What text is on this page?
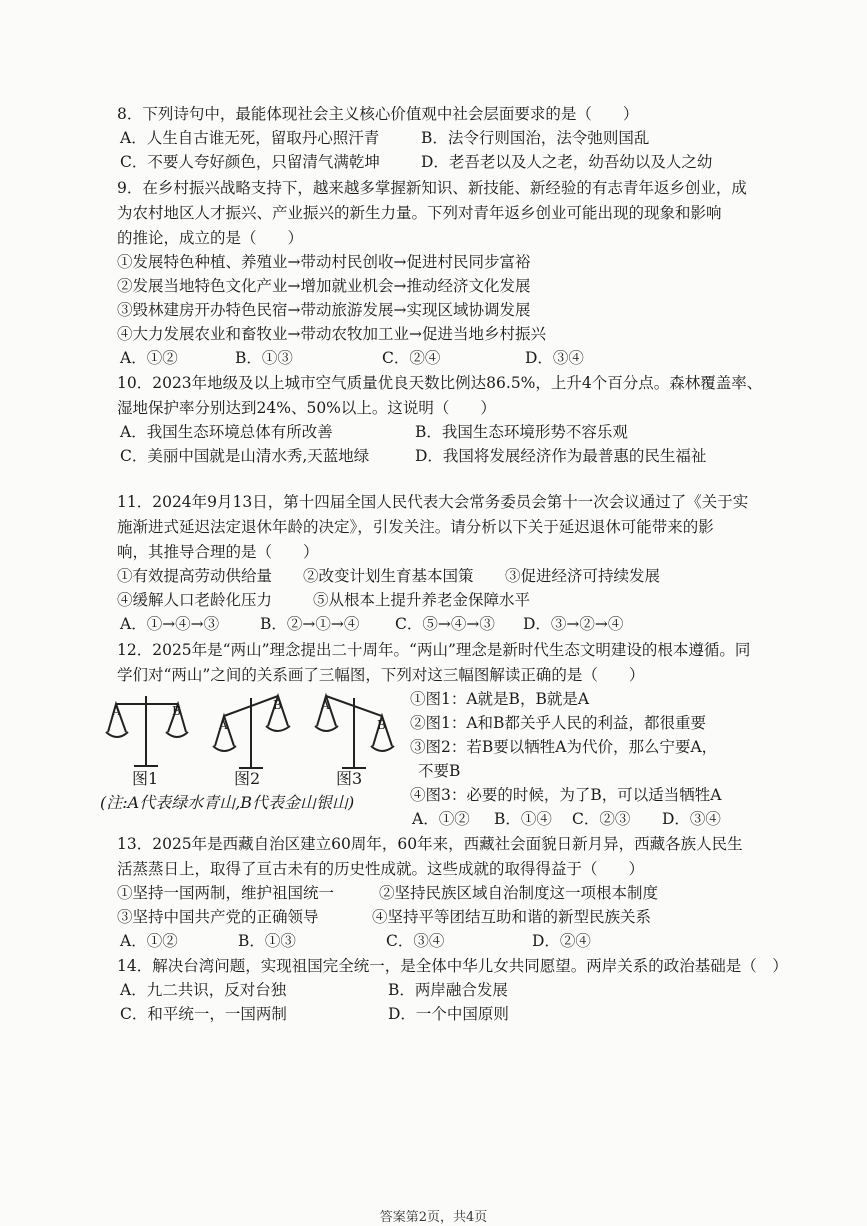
8．下列诗句中，最能体现社会主义核心价值观中社会层面要求的是（　　）
A．人生自古谁无死，留取丹心照汗青	B．法令行则国治，法令弛则国乱
C．不要人夸好颜色，只留清气满乾坤	D．老吾老以及人之老，幼吾幼以及人之幼
9．在乡村振兴战略支持下，越来越多掌握新知识、新技能、新经验的有志青年返乡创业，成
为农村地区人才振兴、产业振兴的新生力量。下列对青年返乡创业可能出现的现象和影响
的推论，成立的是（　　）
①发展特色种植、养殖业→带动村民创收→促进村民同步富裕
②发展当地特色文化产业→增加就业机会→推动经济文化发展
③毁林建房开办特色民宿→带动旅游发展→实现区域协调发展
④大力发展农业和畜牧业→带动农牧加工业→促进当地乡村振兴
A．①②	B．①③	C．②④	D．③④
10．2023年地级及以上城市空气质量优良天数比例达86.5%，上升4个百分点。森林覆盖率、
湿地保护率分别达到24%、50%以上。这说明（　　）
A．我国生态环境总体有所改善	B．我国生态环境形势不容乐观
C．美丽中国就是山清水秀,天蓝地绿	D．我国将发展经济作为最普惠的民生福祉
11．2024年9月13日，第十四届全国人民代表大会常务委员会第十一次会议通过了《关于实
施渐进式延迟法定退休年龄的决定》，引发关注。请分析以下关于延迟退休可能带来的影
响，其推导合理的是（　　）
①有效提高劳动供给量 ②改变计划生育基本国策 ③促进经济可持续发展
④缓解人口老龄化压力	⑤从根本上提升养老金保障水平
A．①→④→③	B．②→①→④ C．⑤→④→③ D．③→②→④
12．2025年是“两山”理念提出二十周年。“两山”理念是新时代生态文明建设的根本遵循。同
学们对“两山”之间的关系画了三幅图，下列对这三幅图解读正确的是（　　）
A	B
A
B	A
B
图1	图2	图3
(注:A代表绿水青山,B代表金山银山)
①图1：A就是B，B就是A
②图1：A和B都关乎人民的利益，都很重要
③图2：若B要以牺牲A为代价，那么宁要A，
不要B
④图3：必要的时候，为了B，可以适当牺牲A
A．①② B．①④ C．②③ D．③④
13．2025年是西藏自治区建立60周年，60年来，西藏社会面貌日新月异，西藏各族人民生
活蒸蒸日上，取得了亘古未有的历史性成就。这些成就的取得得益于（　　）
①坚持一国两制，维护祖国统一	②坚持民族区域自治制度这一项根本制度
③坚持中国共产党的正确领导	④坚持平等团结互助和谐的新型民族关系
A．①②	B．①③	C．③④	D．②④
14．解决台湾问题，实现祖国完全统一，是全体中华儿女共同愿望。两岸关系的政治基础是（　）
A．九二共识，反对台独	B．两岸融合发展
C．和平统一，一国两制	D．一个中国原则
答案第2页，共4页
